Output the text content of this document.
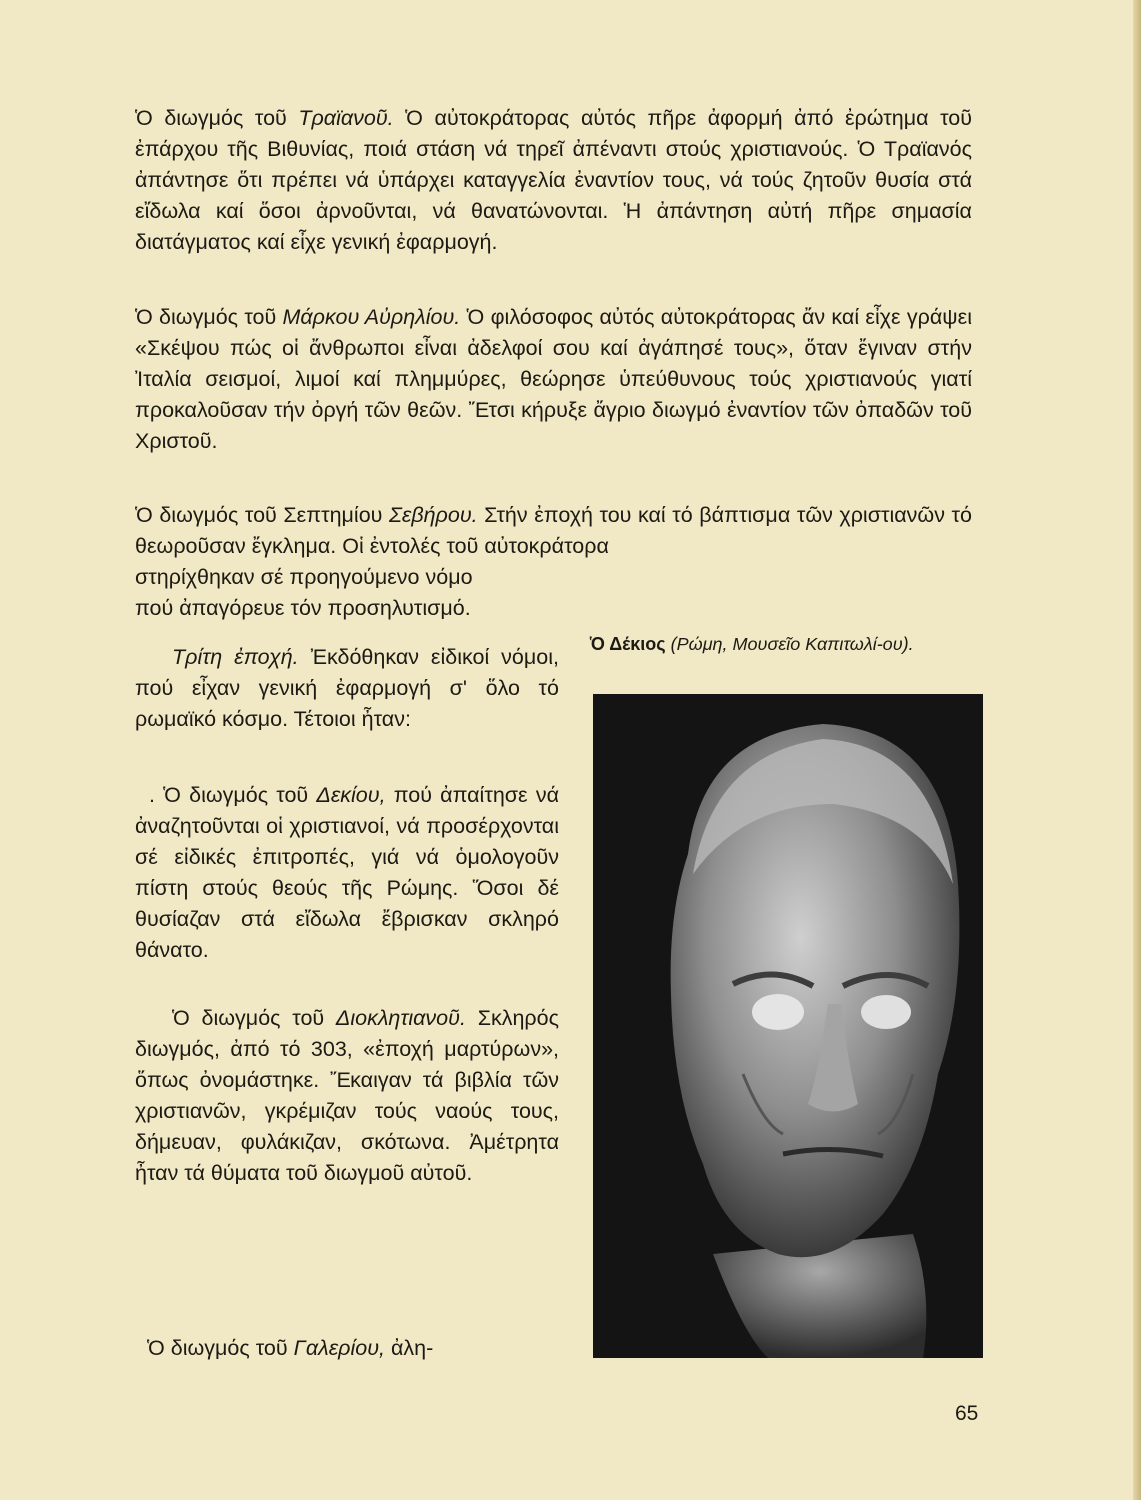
Ὁ διωγμός τοῦ Τραϊανοῦ. Ὁ αὐτοκράτορας αὐτός πῆρε ἀφορμή ἀπό ἐρώτημα τοῦ ἐπάρχου τῆς Βιθυνίας, ποιά στάση νά τηρεῖ ἀπέναντι στούς χριστιανούς. Ὁ Τραϊανός ἀπάντησε ὅτι πρέπει νά ὑπάρχει καταγγελία ἐναντίον τους, νά τούς ζητοῦν θυσία στά εἴδωλα καί ὅσοι ἀρνοῦνται, νά θανατώνονται. Ἡ ἀπάντηση αὐτή πῆρε σημασία διατάγματος καί εἶχε γενική ἐφαρμογή.

Ὁ διωγμός τοῦ Μάρκου Αὐρηλίου. Ὁ φιλόσοφος αὐτός αὐτοκράτορας ἄν καί εἶχε γράψει «Σκέψου πώς οἱ ἄνθρωποι εἶναι ἀδελφοί σου καί ἀγάπησέ τους», ὅταν ἔγιναν στήν Ἰταλία σεισμοί, λιμοί καί πλημμύρες, θεώρησε ὑπεύθυνους τούς χριστιανούς γιατί προκαλοῦσαν τήν ὀργή τῶν θεῶν. Ἔτσι κήρυξε ἄγριο διωγμό ἐναντίον τῶν ὀπαδῶν τοῦ Χριστοῦ.

Ὁ διωγμός τοῦ Σεπτημίου Σεβήρου. Στήν ἐποχή του καί τό βάπτισμα τῶν χριστιανῶν τό θεωροῦσαν ἔγκλημα. Οἱ ἐντολές τοῦ αὐτοκράτορα

στηρίχθηκαν σέ προηγούμενο νόμο
πού ἀπαγόρευε τόν προσηλυτισμό.

Τρίτη ἐποχή. Ἐκδόθηκαν εἰδικοί νόμοι, πού εἶχαν γενική ἐφαρμογή σ' ὅλο τό ρωμαϊκό κόσμο. Τέτοιοι ἦταν:

. Ὁ διωγμός τοῦ Δεκίου, πού ἀπαίτησε νά ἀναζητοῦνται οἱ χριστιανοί, νά προσέρχονται σέ εἰδικές ἐπιτροπές, γιά νά ὁμολογοῦν πίστη στούς θεούς τῆς Ρώμης. Ὅσοι δέ θυσίαζαν στά εἴδωλα ἔβρισκαν σκληρό θάνατο.

Ὁ διωγμός τοῦ Διοκλητιανοῦ. Σκληρός διωγμός, ἀπό τό 303, «ἐποχή μαρτύρων», ὅπως ὀνομάστηκε. Ἔκαιγαν τά βιβλία τῶν χριστιανῶν, γκρέμιζαν τούς ναούς τους, δήμευαν, φυλάκιζαν, σκότωνα. Ἀμέτρητα ἦταν τά θύματα τοῦ διωγμοῦ αὐτοῦ.

Ὁ διωγμός τοῦ Γαλερίου, ἀλη-
Ὁ Δέκιος (Ρώμη, Μουσεῖο Καπιτωλί-ου).
65
